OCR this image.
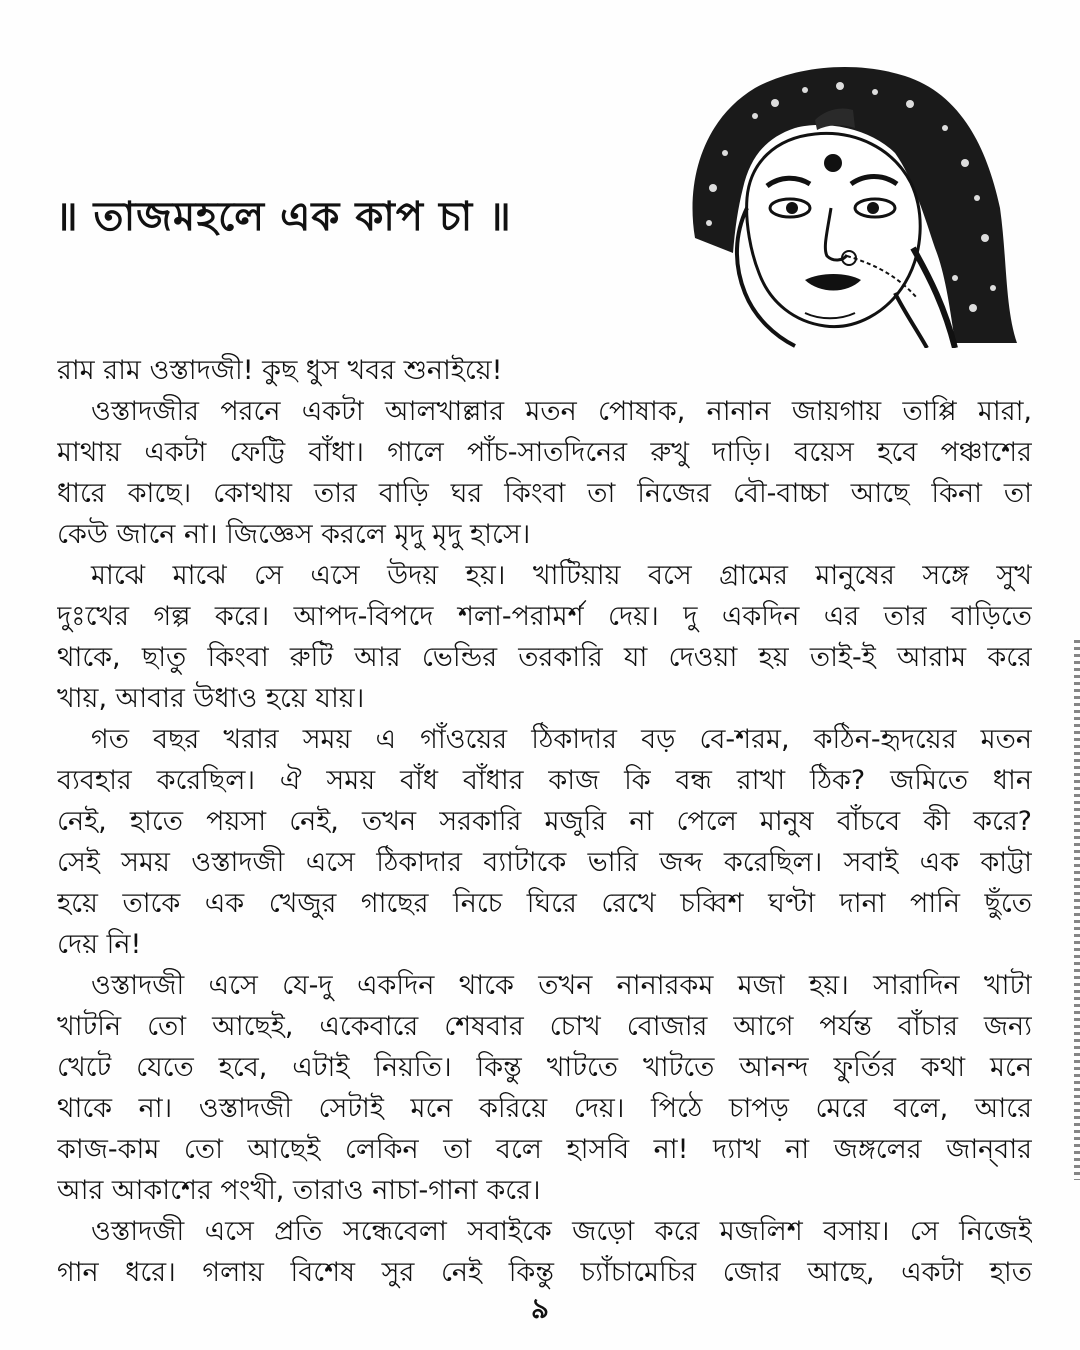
॥ তাজমহলে এক কাপ চা ॥
রাম রাম ওস্তাদজী! কুছ ধুস খবর শুনাইয়ে!
ওস্তাদজীর পরনে একটা আলখাল্লার মতন পোষাক, নানান জায়গায় তাপ্পি মারা,
মাথায় একটা ফেট্টি বাঁধা। গালে পাঁচ-সাতদিনের রুখু দাড়ি। বয়েস হবে পঞ্চাশের
ধারে কাছে। কোথায় তার বাড়ি ঘর কিংবা তা নিজের বৌ-বাচ্চা আছে কিনা তা
কেউ জানে না। জিজ্ঞেস করলে মৃদু মৃদু হাসে।
মাঝে মাঝে সে এসে উদয় হয়। খাটিয়ায় বসে গ্রামের মানুষের সঙ্গে সুখ
দুঃখের গল্প করে। আপদ-বিপদে শলা-পরামর্শ দেয়। দু একদিন এর তার বাড়িতে
থাকে, ছাতু কিংবা রুটি আর ভেন্ডির তরকারি যা দেওয়া হয় তাই-ই আরাম করে
খায়, আবার উধাও হয়ে যায়।
গত বছর খরার সময় এ গাঁওয়ের ঠিকাদার বড় বে-শরম, কঠিন-হৃদয়ের মতন
ব্যবহার করেছিল। ঐ সময় বাঁধ বাঁধার কাজ কি বন্ধ রাখা ঠিক? জমিতে ধান
নেই, হাতে পয়সা নেই, তখন সরকারি মজুরি না পেলে মানুষ বাঁচবে কী করে?
সেই সময় ওস্তাদজী এসে ঠিকাদার ব্যাটাকে ভারি জব্দ করেছিল। সবাই এক কাট্টা
হয়ে তাকে এক খেজুর গাছের নিচে ঘিরে রেখে চব্বিশ ঘণ্টা দানা পানি ছুঁতে
দেয় নি!
ওস্তাদজী এসে যে-দু একদিন থাকে তখন নানারকম মজা হয়। সারাদিন খাটা
খাটনি তো আছেই, একেবারে শেষবার চোখ বোজার আগে পর্যন্ত বাঁচার জন্য
খেটে যেতে হবে, এটাই নিয়তি। কিন্তু খাটতে খাটতে আনন্দ ফুর্তির কথা মনে
থাকে না। ওস্তাদজী সেটাই মনে করিয়ে দেয়। পিঠে চাপড় মেরে বলে, আরে
কাজ-কাম তো আছেই লেকিন তা বলে হাসবি না! দ্যাখ না জঙ্গলের জান্‌বার
আর আকাশের পংখী, তারাও নাচা-গানা করে।
ওস্তাদজী এসে প্রতি সন্ধেবেলা সবাইকে জড়ো করে মজলিশ বসায়। সে নিজেই
গান ধরে। গলায় বিশেষ সুর নেই কিন্তু চ্যাঁচামেচির জোর আছে, একটা হাত
৯
